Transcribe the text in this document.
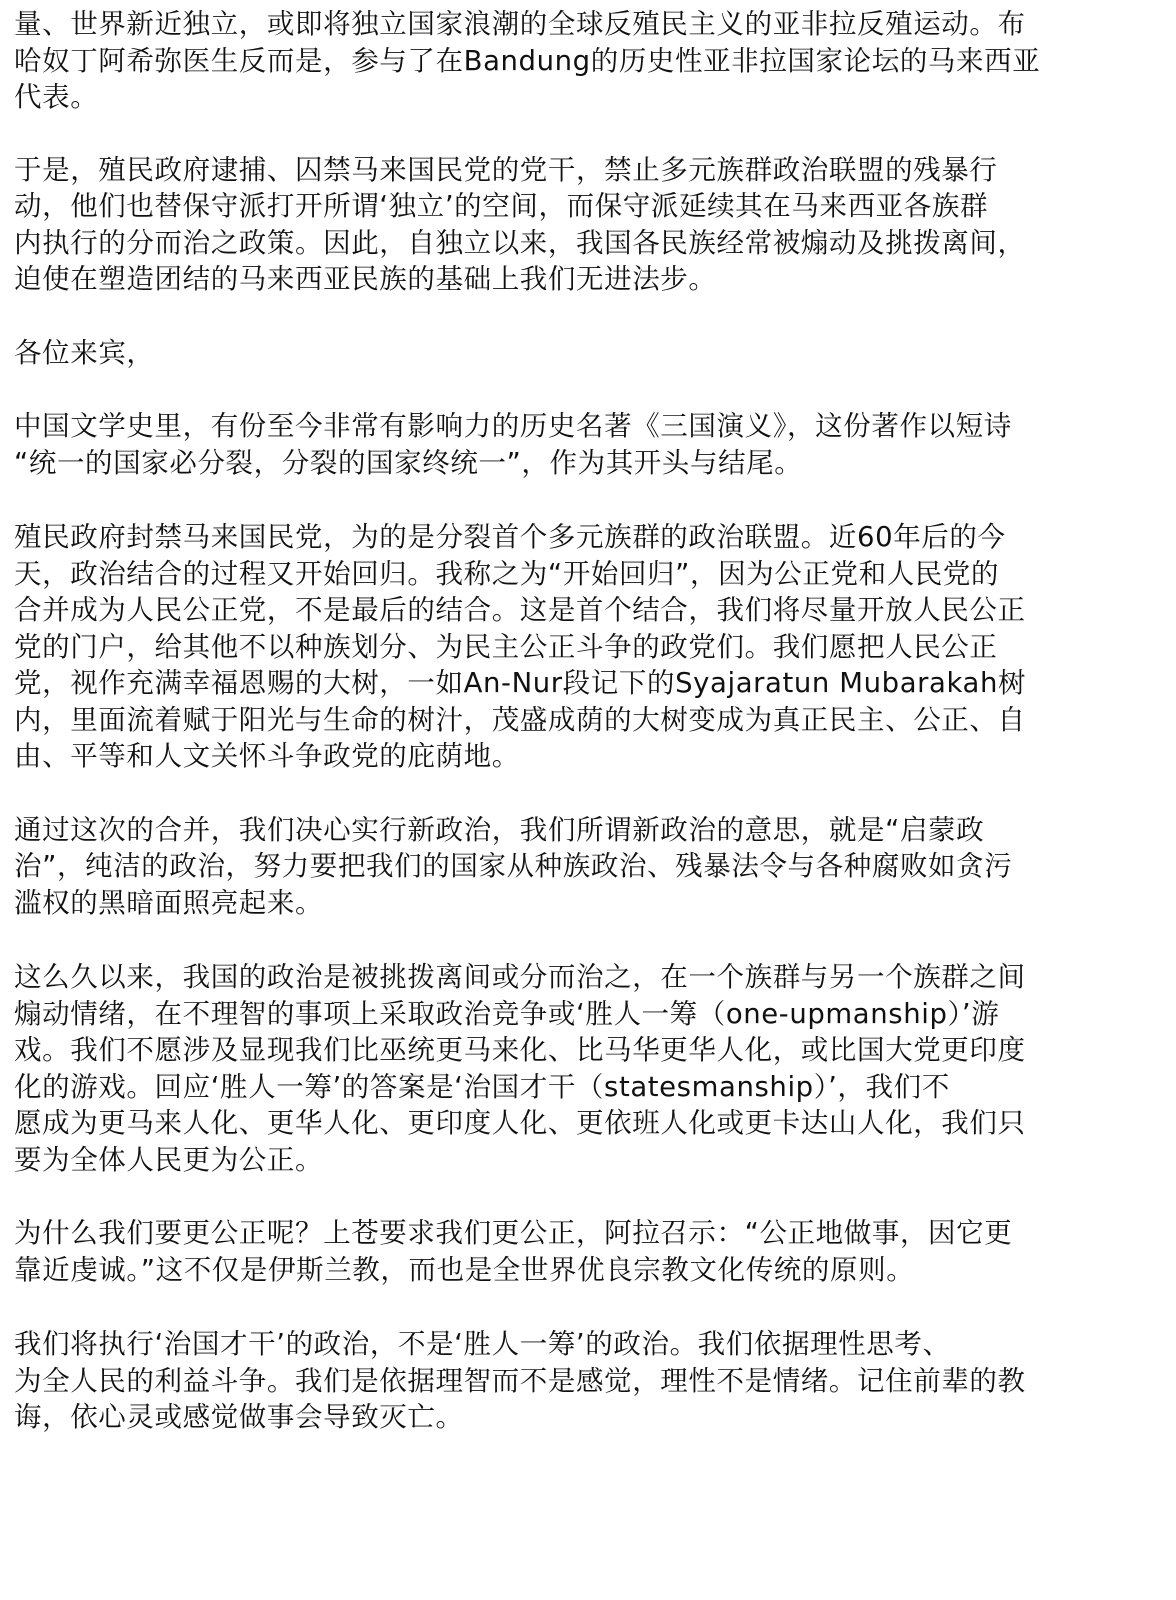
量、世界新近独立，或即将独立国家浪潮的全球反殖民主义的亚非拉反殖运动。布
哈奴丁阿希弥医生反而是，参与了在Bandung的历史性亚非拉国家论坛的马来西亚
代表。

于是，殖民政府逮捕、囚禁马来国民党的党干，禁止多元族群政治联盟的残暴行
动，他们也替保守派打开所谓‘独立’的空间，而保守派延续其在马来西亚各族群
内执行的分而治之政策。因此，自独立以来，我国各民族经常被煽动及挑拨离间，
迫使在塑造团结的马来西亚民族的基础上我们无进法步。

各位来宾，

中国文学史里，有份至今非常有影响力的历史名著《三国演义》，这份著作以短诗
“统一的国家必分裂，分裂的国家终统一”，作为其开头与结尾。

殖民政府封禁马来国民党，为的是分裂首个多元族群的政治联盟。近60年后的今
天，政治结合的过程又开始回归。我称之为“开始回归”，因为公正党和人民党的
合并成为人民公正党，不是最后的结合。这是首个结合，我们将尽量开放人民公正
党的门户，给其他不以种族划分、为民主公正斗争的政党们。我们愿把人民公正
党，视作充满幸福恩赐的大树，一如An-Nur段记下的Syajaratun Mubarakah树
内，里面流着赋于阳光与生命的树汁，茂盛成荫的大树变成为真正民主、公正、自
由、平等和人文关怀斗争政党的庇荫地。

通过这次的合并，我们决心实行新政治，我们所谓新政治的意思，就是“启蒙政
治”，纯洁的政治，努力要把我们的国家从种族政治、残暴法令与各种腐败如贪污
滥权的黑暗面照亮起来。

这么久以来，我国的政治是被挑拨离间或分而治之，在一个族群与另一个族群之间
煽动情绪，在不理智的事项上采取政治竞争或‘胜人一筹（one-upmanship）’游
戏。我们不愿涉及显现我们比巫统更马来化、比马华更华人化，或比国大党更印度
化的游戏。回应‘胜人一筹’的答案是‘治国才干（statesmanship）’，我们不
愿成为更马来人化、更华人化、更印度人化、更依班人化或更卡达山人化，我们只
要为全体人民更为公正。

为什么我们要更公正呢？上苍要求我们更公正，阿拉召示：“公正地做事，因它更
靠近虔诚。”这不仅是伊斯兰教，而也是全世界优良宗教文化传统的原则。

我们将执行‘治国才干’的政治，不是‘胜人一筹’的政治。我们依据理性思考、
为全人民的利益斗争。我们是依据理智而不是感觉，理性不是情绪。记住前辈的教
诲，依心灵或感觉做事会导致灭亡。
